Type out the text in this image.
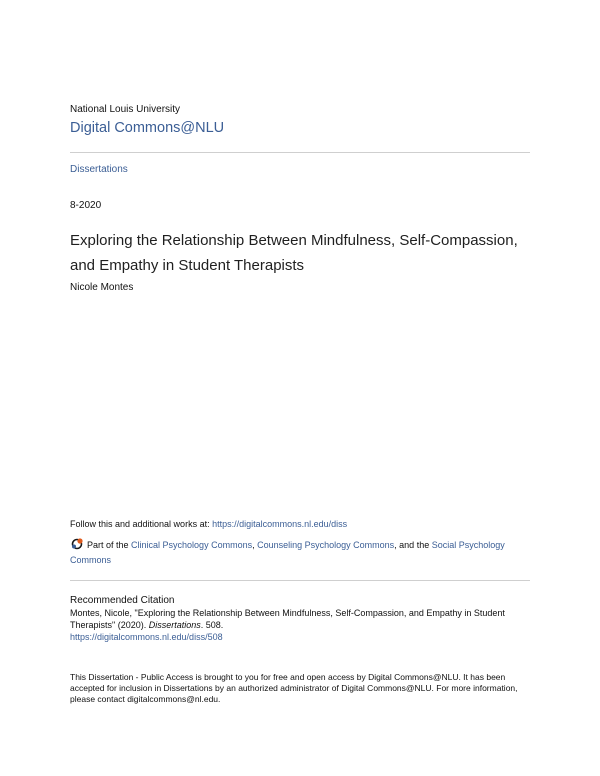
National Louis University
Digital Commons@NLU
Dissertations
8-2020
Exploring the Relationship Between Mindfulness, Self-Compassion, and Empathy in Student Therapists
Nicole Montes
Follow this and additional works at: https://digitalcommons.nl.edu/diss
Part of the Clinical Psychology Commons, Counseling Psychology Commons, and the Social Psychology Commons
Recommended Citation
Montes, Nicole, "Exploring the Relationship Between Mindfulness, Self-Compassion, and Empathy in Student Therapists" (2020). Dissertations. 508.
https://digitalcommons.nl.edu/diss/508
This Dissertation - Public Access is brought to you for free and open access by Digital Commons@NLU. It has been accepted for inclusion in Dissertations by an authorized administrator of Digital Commons@NLU. For more information, please contact digitalcommons@nl.edu.
